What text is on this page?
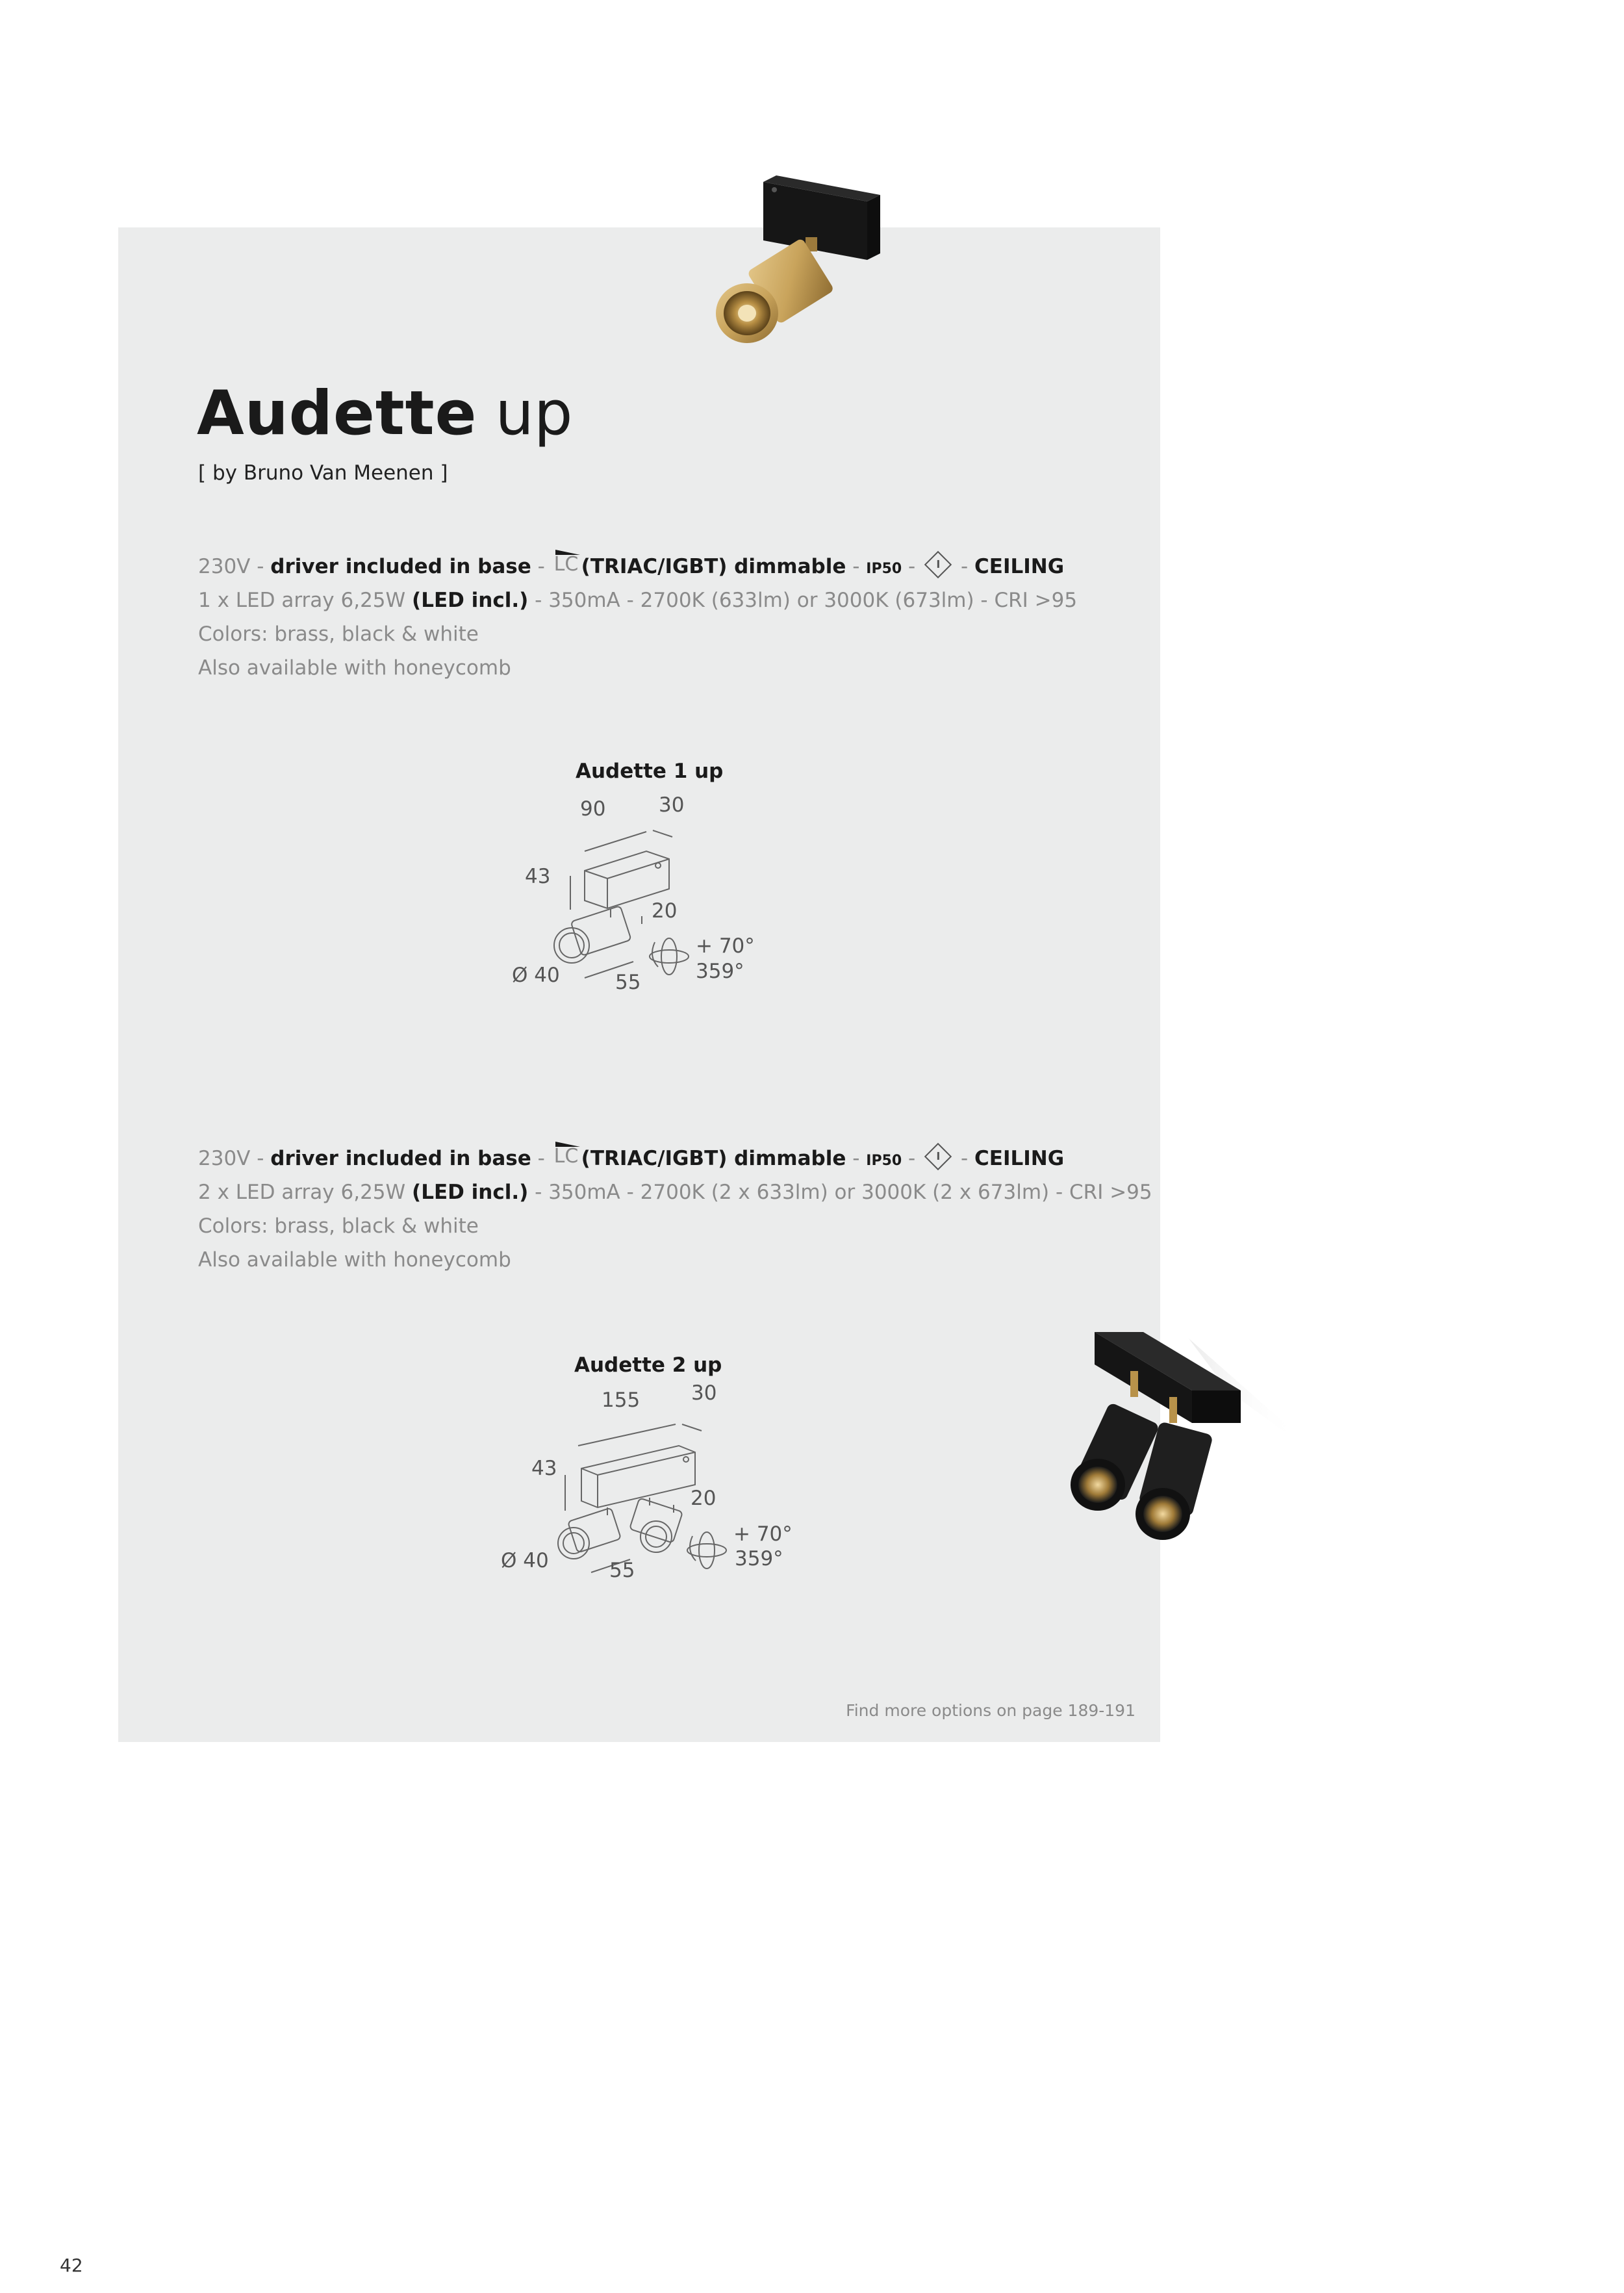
Audette up
[ by Bruno Van Meenen ]
230V - driver included in base - LC (TRIAC/IGBT) dimmable - IP50 -  - CEILING
1 x LED array 6,25W (LED incl.) - 350mA - 2700K (633lm) or 3000K (673lm) - CRI >95
Colors: brass, black & white
Also available with honeycomb
Audette 1 up
90	30
43
20
Ø 40	55
+ 70°
359°
230V - driver included in base - LC (TRIAC/IGBT) dimmable - IP50 -  - CEILING
2 x LED array 6,25W (LED incl.) - 350mA - 2700K (2 x 633lm) or 3000K (2 x 673lm) - CRI >95
Colors: brass, black & white
Also available with honeycomb
Audette 2 up
155	30
43
20
Ø 40	55
+ 70°
359°
Find more options on page 189-191
42
